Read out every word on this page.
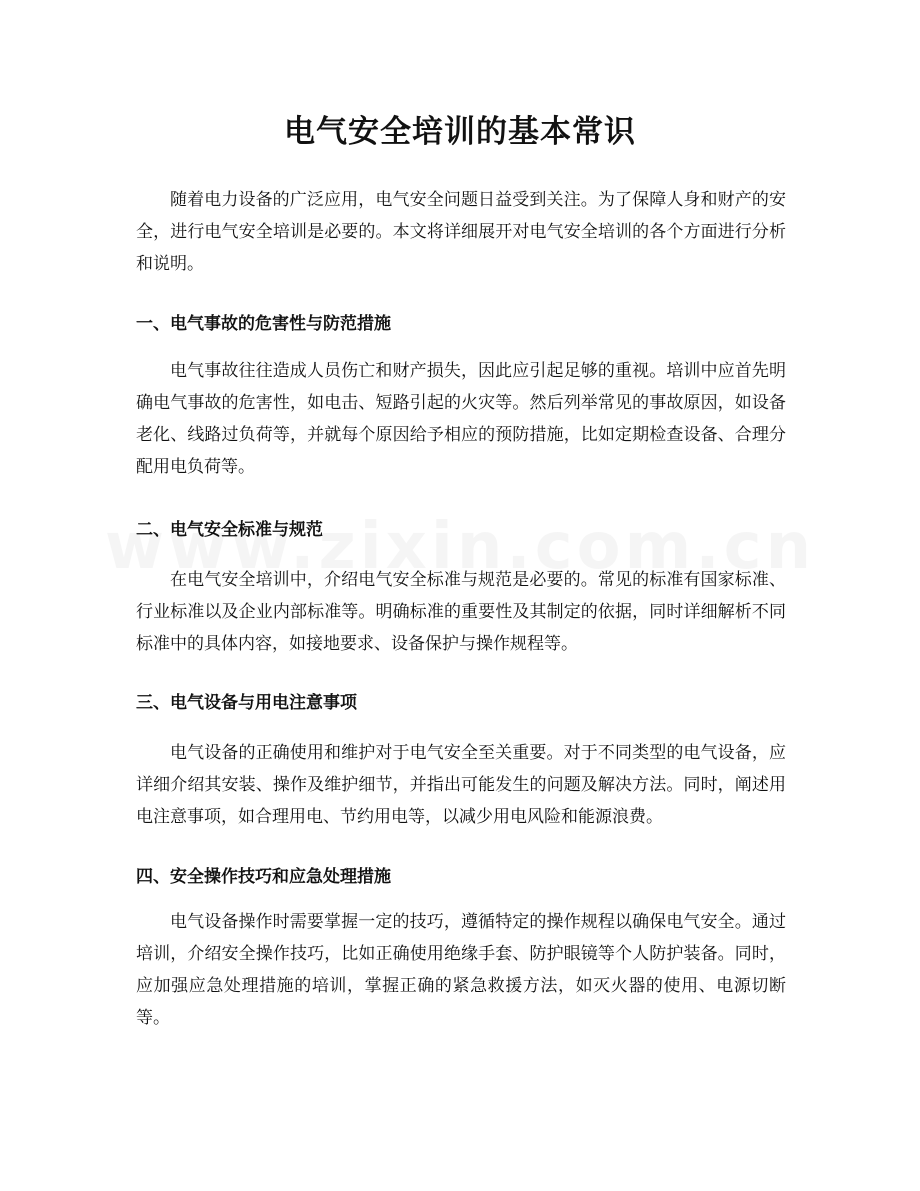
电气安全培训的基本常识

随着电力设备的广泛应用，电气安全问题日益受到关注。为了保障人身和财产的安全，进行电气安全培训是必要的。本文将详细展开对电气安全培训的各个方面进行分析和说明。

一、电气事故的危害性与防范措施

电气事故往往造成人员伤亡和财产损失，因此应引起足够的重视。培训中应首先明确电气事故的危害性，如电击、短路引起的火灾等。然后列举常见的事故原因，如设备老化、线路过负荷等，并就每个原因给予相应的预防措施，比如定期检查设备、合理分配用电负荷等。

二、电气安全标准与规范

在电气安全培训中，介绍电气安全标准与规范是必要的。常见的标准有国家标准、行业标准以及企业内部标准等。明确标准的重要性及其制定的依据，同时详细解析不同标准中的具体内容，如接地要求、设备保护与操作规程等。

三、电气设备与用电注意事项

电气设备的正确使用和维护对于电气安全至关重要。对于不同类型的电气设备，应详细介绍其安装、操作及维护细节，并指出可能发生的问题及解决方法。同时，阐述用电注意事项，如合理用电、节约用电等，以减少用电风险和能源浪费。

四、安全操作技巧和应急处理措施

电气设备操作时需要掌握一定的技巧，遵循特定的操作规程以确保电气安全。通过培训，介绍安全操作技巧，比如正确使用绝缘手套、防护眼镜等个人防护装备。同时，应加强应急处理措施的培训，掌握正确的紧急救援方法，如灭火器的使用、电源切断等。
